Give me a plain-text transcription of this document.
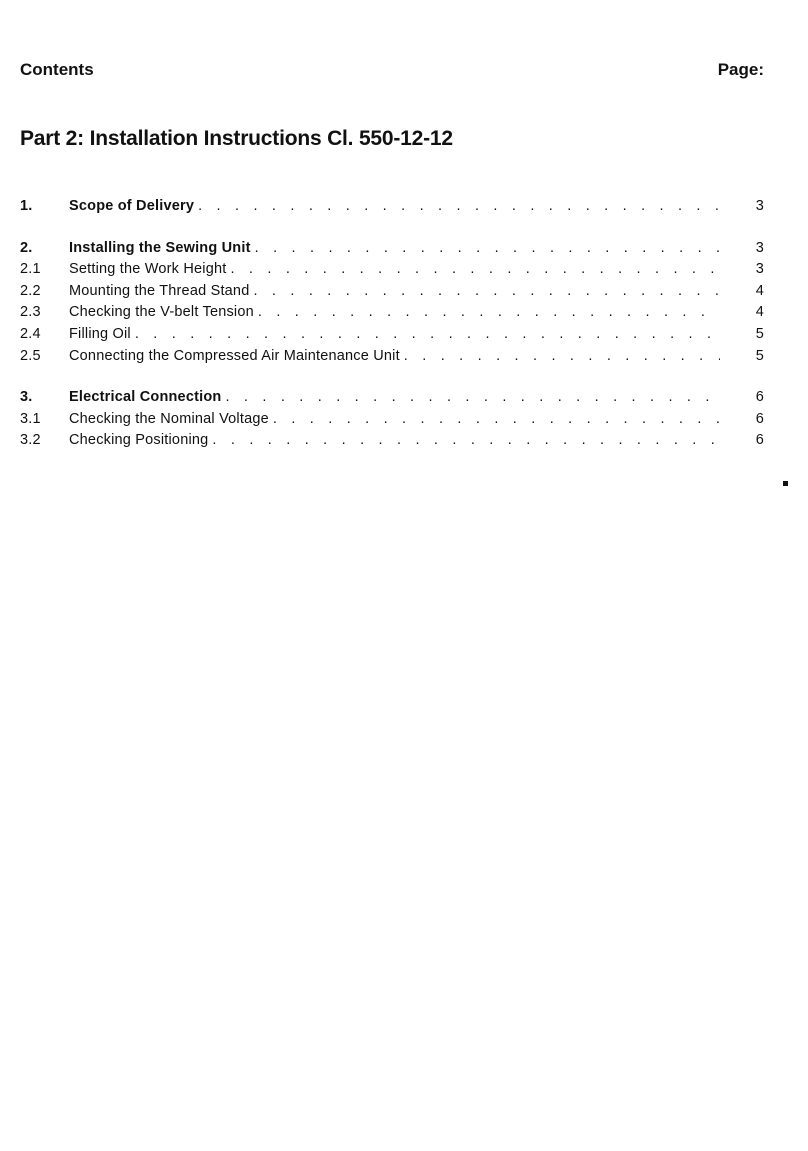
Contents	Page:
Part 2: Installation Instructions Cl. 550-12-12
1.	Scope of Delivery . . .	3
2.	Installing the Sewing Unit . . .	3
2.1	Setting the Work Height . . .	3
2.2	Mounting the Thread Stand . . .	4
2.3	Checking the V-belt Tension . . .	4
2.4	Filling Oil . . .	5
2.5	Connecting the Compressed Air Maintenance Unit . . .	5
3.	Electrical Connection . . .	6
3.1	Checking the Nominal Voltage . . .	6
3.2	Checking Positioning . . .	6
